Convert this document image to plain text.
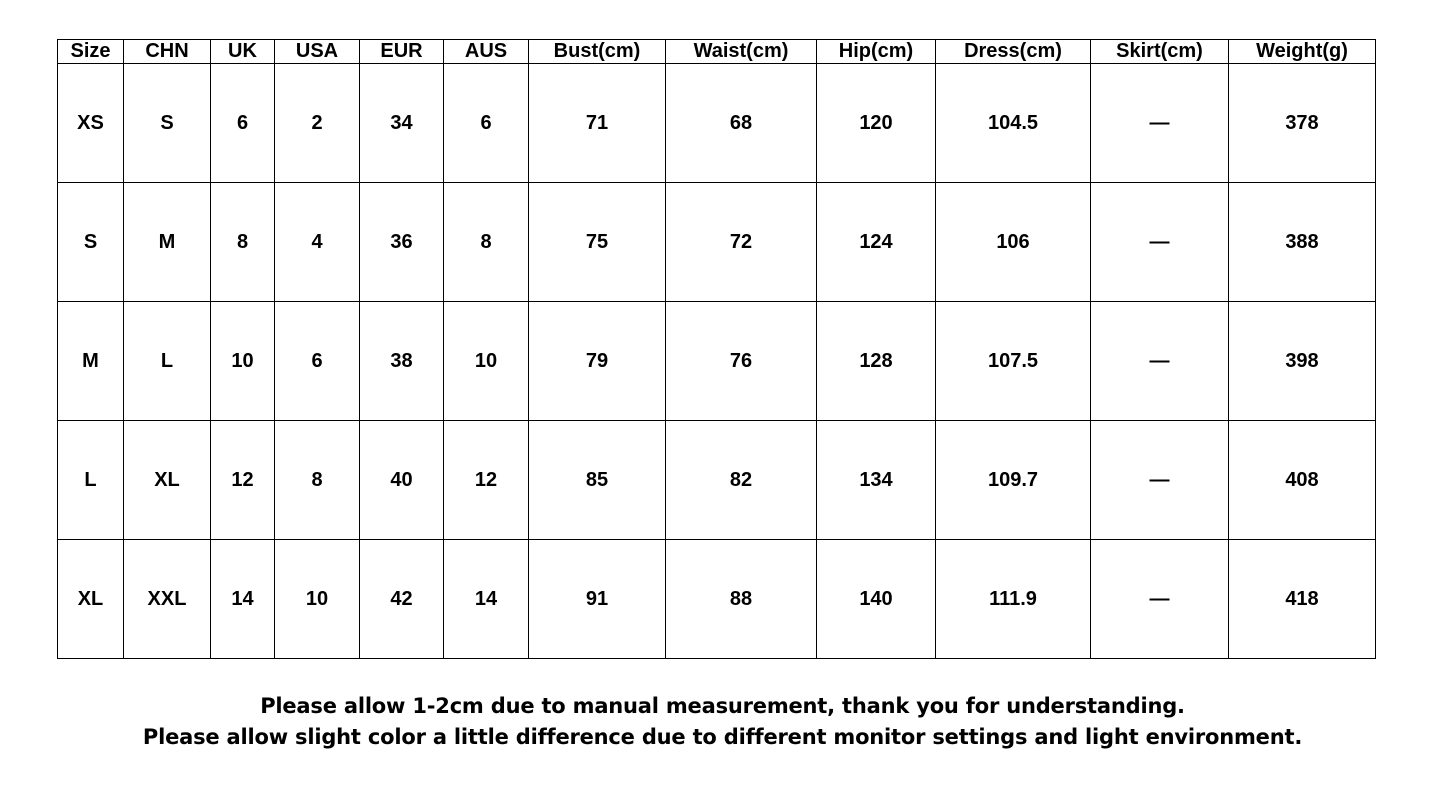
Size	CHN	UK	USA	EUR	AUS	Bust(cm)	Waist(cm)	Hip(cm)	Dress(cm)	Skirt(cm)	Weight(g)
XS	S	6	2	34	6	71	68	120	104.5	—	378
S	M	8	4	36	8	75	72	124	106	—	388
M	L	10	6	38	10	79	76	128	107.5	—	398
L	XL	12	8	40	12	85	82	134	109.7	—	408
XL	XXL	14	10	42	14	91	88	140	111.9	—	418
Please allow 1-2cm due to manual measurement, thank you for understanding.
Please allow slight color a little difference due to different monitor settings and light environment.
